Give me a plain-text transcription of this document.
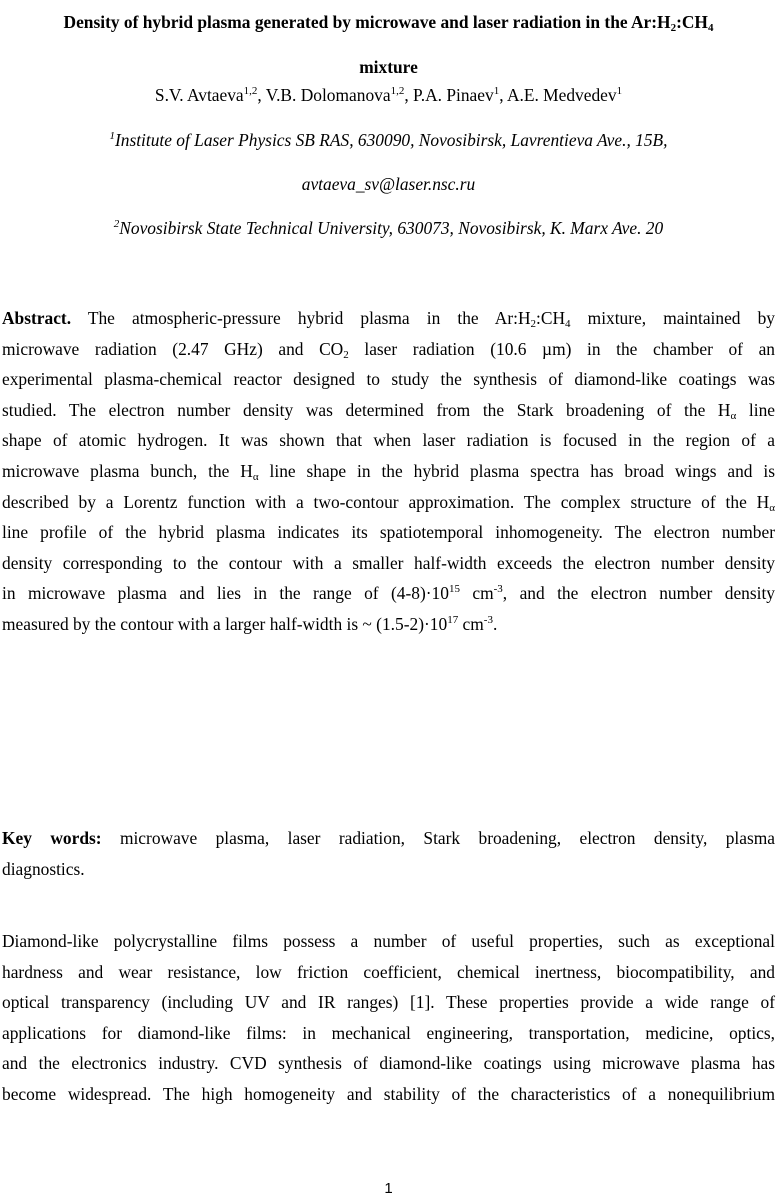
Density of hybrid plasma generated by microwave and laser radiation in the $Ar:H_2:CH_4$
mixture
S.V. Avtaeva$^{1,2}$, V.B. Dolomanova$^{1,2}$, P.A. Pinaev$^1$, A.E. Medvedev$^1$
$^1$Institute of Laser Physics SB RAS, 630090, Novosibirsk, Lavrentieva Ave., 15B,
avtaeva_sv@laser.nsc.ru
$^2$Novosibirsk State Technical University, 630073, Novosibirsk, K. Marx Ave. 20
Abstract. The atmospheric-pressure hybrid plasma in the $Ar:H_2:CH_4$ mixture, maintained by
microwave radiation (2.47 GHz) and $CO_2$ laser radiation (10.6 µm) in the chamber of an
experimental plasma-chemical reactor designed to study the synthesis of diamond-like coatings was
studied. The electron number density was determined from the Stark broadening of the $H_\alpha$ line
shape of atomic hydrogen. It was shown that when laser radiation is focused in the region of a
microwave plasma bunch, the $H_\alpha$ line shape in the hybrid plasma spectra has broad wings and is
described by a Lorentz function with a two-contour approximation. The complex structure of the $H_\alpha$
line profile of the hybrid plasma indicates its spatiotemporal inhomogeneity. The electron number
density corresponding to the contour with a smaller half-width exceeds the electron number density
in microwave plasma and lies in the range of $(4-8)\cdot 10^{15}$ $cm^{-3}$, and the electron number density
measured by the contour with a larger half-width is ~ $(1.5-2)\cdot 10^{17}$ $cm^{-3}$.
Key words: microwave plasma, laser radiation, Stark broadening, electron density, plasma
diagnostics.
Diamond-like polycrystalline films possess a number of useful properties, such as exceptional
hardness and wear resistance, low friction coefficient, chemical inertness, biocompatibility, and
optical transparency (including UV and IR ranges) [1]. These properties provide a wide range of
applications for diamond-like films: in mechanical engineering, transportation, medicine, optics,
and the electronics industry. CVD synthesis of diamond-like coatings using microwave plasma has
become widespread. The high homogeneity and stability of the characteristics of a nonequilibrium
1
